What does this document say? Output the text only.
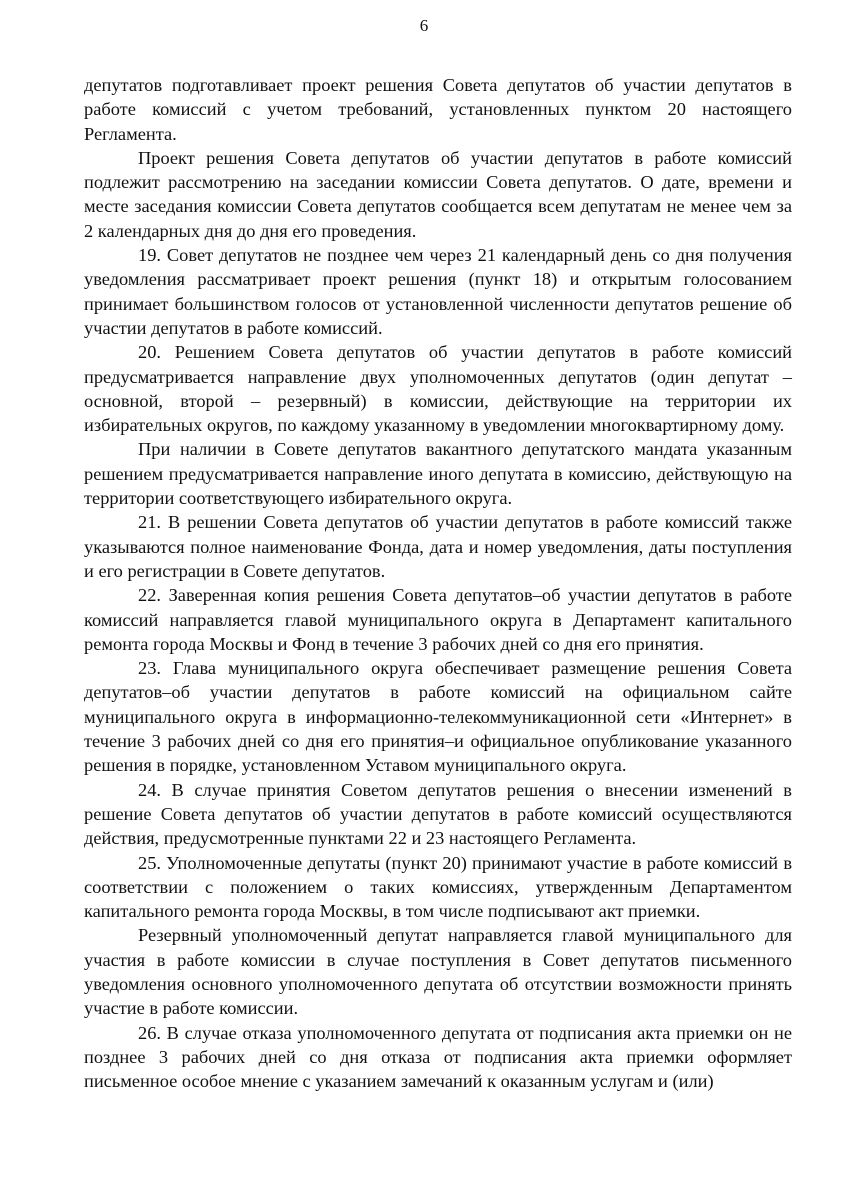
6

депутатов подготавливает проект решения Совета депутатов об участии депутатов в работе комиссий с учетом требований, установленных пунктом 20 настоящего Регламента.

Проект решения Совета депутатов об участии депутатов в работе комиссий подлежит рассмотрению на заседании комиссии Совета депутатов. О дате, времени и месте заседания комиссии Совета депутатов сообщается всем депутатам не менее чем за 2 календарных дня до дня его проведения.

19. Совет депутатов не позднее чем через 21 календарный день со дня получения уведомления рассматривает проект решения (пункт 18) и открытым голосованием принимает большинством голосов от установленной численности депутатов решение об участии депутатов в работе комиссий.

20. Решением Совета депутатов об участии депутатов в работе комиссий предусматривается направление двух уполномоченных депутатов (один депутат – основной, второй – резервный) в комиссии, действующие на территории их избирательных округов, по каждому указанному в уведомлении многоквартирному дому.

При наличии в Совете депутатов вакантного депутатского мандата указанным решением предусматривается направление иного депутата в комиссию, действующую на территории соответствующего избирательного округа.

21. В решении Совета депутатов об участии депутатов в работе комиссий также указываются полное наименование Фонда, дата и номер уведомления, даты поступления и его регистрации в Совете депутатов.

22. Заверенная копия решения Совета депутатов–об участии депутатов в работе комиссий направляется главой муниципального округа в Департамент капитального ремонта города Москвы и Фонд в течение 3 рабочих дней со дня его принятия.

23. Глава муниципального округа обеспечивает размещение решения Совета депутатов–об участии депутатов в работе комиссий на официальном сайте муниципального округа в информационно-телекоммуникационной сети «Интернет» в течение 3 рабочих дней со дня его принятия–и официальное опубликование указанного решения в порядке, установленном Уставом муниципального округа.

24. В случае принятия Советом депутатов решения о внесении изменений в решение Совета депутатов об участии депутатов в работе комиссий осуществляются действия, предусмотренные пунктами 22 и 23 настоящего Регламента.

25. Уполномоченные депутаты (пункт 20) принимают участие в работе комиссий в соответствии с положением о таких комиссиях, утвержденным Департаментом капитального ремонта города Москвы, в том числе подписывают акт приемки.

Резервный уполномоченный депутат направляется главой муниципального для участия в работе комиссии в случае поступления в Совет депутатов письменного уведомления основного уполномоченного депутата об отсутствии возможности принять участие в работе комиссии.

26. В случае отказа уполномоченного депутата от подписания акта приемки он не позднее 3 рабочих дней со дня отказа от подписания акта приемки оформляет письменное особое мнение с указанием замечаний к оказанным услугам и (или)
